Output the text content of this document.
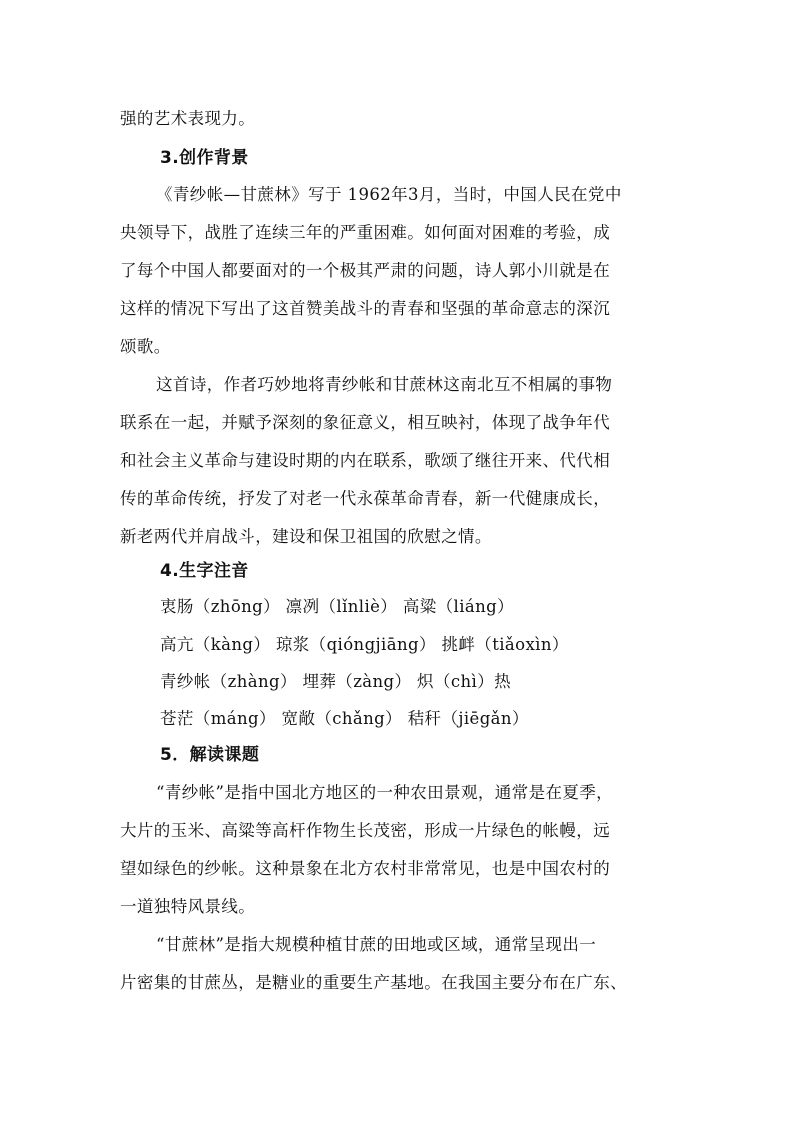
强的艺术表现力。
3.创作背景
《青纱帐—甘蔗林》写于 1962年3月，当时，中国人民在党中
央领导下，战胜了连续三年的严重困难。如何面对困难的考验，成
了每个中国人都要面对的一个极其严肃的问题，诗人郭小川就是在
这样的情况下写出了这首赞美战斗的青春和坚强的革命意志的深沉
颂歌。
这首诗，作者巧妙地将青纱帐和甘蔗林这南北互不相属的事物
联系在一起，并赋予深刻的象征意义，相互映衬，体现了战争年代
和社会主义革命与建设时期的内在联系，歌颂了继往开来、代代相
传的革命传统，抒发了对老一代永葆革命青春，新一代健康成长，
新老两代并肩战斗，建设和保卫祖国的欣慰之情。
4.生字注音
衷肠（zhōng） 凛冽（lǐnliè） 高粱（liáng）
高亢（kàng） 琼浆（qióngjiāng） 挑衅（tiǎoxìn）
青纱帐（zhàng） 埋葬（zàng） 炽（chì）热
苍茫（máng） 宽敞（chǎng） 秸秆（jiēgǎn）
5．解读课题
“青纱帐”是指中国北方地区的一种农田景观，通常是在夏季，
大片的玉米、高粱等高杆作物生长茂密，形成一片绿色的帐幔，远
望如绿色的纱帐。这种景象在北方农村非常常见，也是中国农村的
一道独特风景线。
“甘蔗林”是指大规模种植甘蔗的田地或区域，通常呈现出一
片密集的甘蔗丛，是糖业的重要生产基地。在我国主要分布在广东、
